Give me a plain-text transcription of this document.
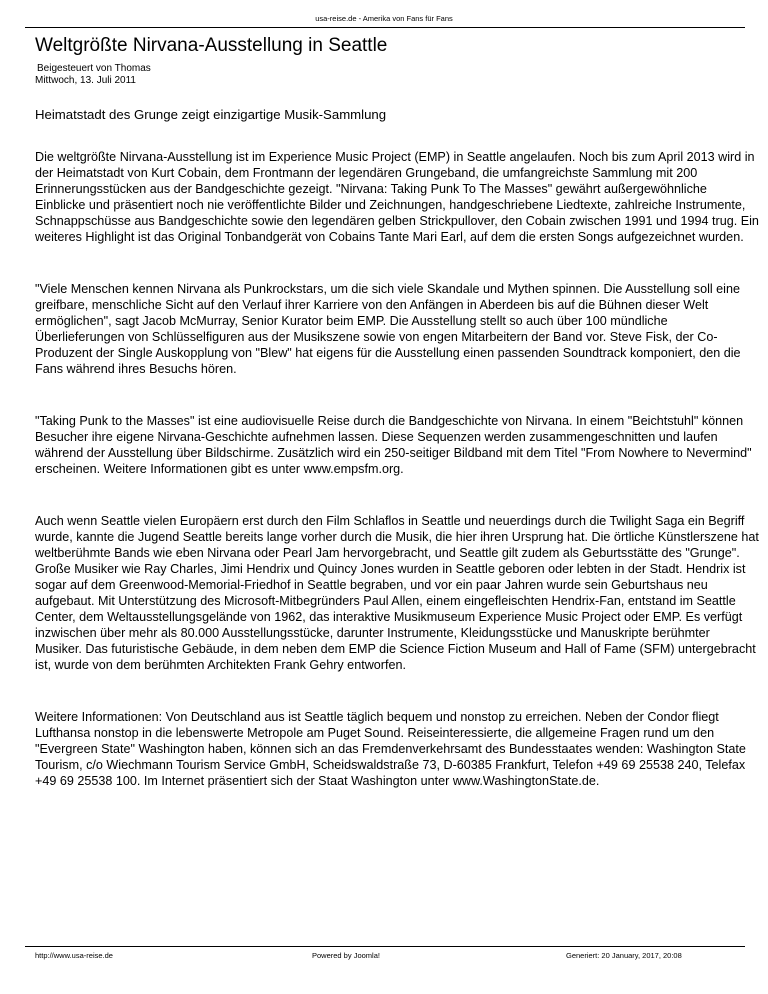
usa-reise.de - Amerika von Fans für Fans
Weltgrößte Nirvana-Ausstellung in Seattle
Beigesteuert von Thomas
Mittwoch, 13. Juli 2011
Heimatstadt des Grunge zeigt einzigartige Musik-Sammlung
Die weltgrößte Nirvana-Ausstellung ist im Experience Music Project (EMP) in Seattle angelaufen. Noch bis zum April 2013 wird in der Heimatstadt von Kurt Cobain, dem Frontmann der legendären Grungeband, die umfangreichste Sammlung mit 200 Erinnerungsstücken aus der Bandgeschichte gezeigt. "Nirvana: Taking Punk To The Masses" gewährt außergewöhnliche Einblicke und präsentiert noch nie veröffentlichte Bilder und Zeichnungen, handgeschriebene Liedtexte, zahlreiche Instrumente, Schnappschüsse aus Bandgeschichte sowie den legendären gelben Strickpullover, den Cobain zwischen 1991 und 1994 trug. Ein weiteres Highlight ist das Original Tonbandgerät von Cobains Tante Mari Earl, auf dem die ersten Songs aufgezeichnet wurden.
"Viele Menschen kennen Nirvana als Punkrockstars, um die sich viele Skandale und Mythen spinnen. Die Ausstellung soll eine greifbare, menschliche Sicht auf den Verlauf ihrer Karriere von den Anfängen in Aberdeen bis auf die Bühnen dieser Welt ermöglichen", sagt Jacob McMurray, Senior Kurator beim EMP. Die Ausstellung stellt so auch über 100 mündliche Überlieferungen von Schlüsselfiguren aus der Musikszene sowie von engen Mitarbeitern der Band vor. Steve Fisk, der Co-Produzent der Single Auskopplung von "Blew" hat eigens für die Ausstellung einen passenden Soundtrack komponiert, den die Fans während ihres Besuchs hören.
"Taking Punk to the Masses" ist eine audiovisuelle Reise durch die Bandgeschichte von Nirvana. In einem "Beichtstuhl" können Besucher ihre eigene Nirvana-Geschichte aufnehmen lassen. Diese Sequenzen werden zusammengeschnitten und laufen während der Ausstellung über Bildschirme. Zusätzlich wird ein 250-seitiger Bildband mit dem Titel "From Nowhere to Nevermind" erscheinen. Weitere Informationen gibt es unter www.empsfm.org.
Auch wenn Seattle vielen Europäern erst durch den Film Schlaflos in Seattle und neuerdings durch die Twilight Saga ein Begriff wurde, kannte die Jugend Seattle bereits lange vorher durch die Musik, die hier ihren Ursprung hat. Die örtliche Künstlerszene hat weltberühmte Bands wie eben Nirvana oder Pearl Jam hervorgebracht, und Seattle gilt zudem als Geburtsstätte des "Grunge". Große Musiker wie Ray Charles, Jimi Hendrix und Quincy Jones wurden in Seattle geboren oder lebten in der Stadt. Hendrix ist sogar auf dem Greenwood-Memorial-Friedhof in Seattle begraben, und vor ein paar Jahren wurde sein Geburtshaus neu aufgebaut. Mit Unterstützung des Microsoft-Mitbegründers Paul Allen, einem eingefleischten Hendrix-Fan, entstand im Seattle Center, dem Weltausstellungsgelände von 1962, das interaktive Musikmuseum Experience Music Project oder EMP. Es verfügt inzwischen über mehr als 80.000 Ausstellungsstücke, darunter Instrumente, Kleidungsstücke und Manuskripte berühmter Musiker. Das futuristische Gebäude, in dem neben dem EMP die Science Fiction Museum and Hall of Fame (SFM) untergebracht ist, wurde von dem berühmten Architekten Frank Gehry entworfen.
Weitere Informationen: Von Deutschland aus ist Seattle täglich bequem und nonstop zu erreichen. Neben der Condor fliegt Lufthansa nonstop in die lebenswerte Metropole am Puget Sound. Reiseinteressierte, die allgemeine Fragen rund um den "Evergreen State" Washington haben, können sich an das Fremdenverkehrsamt des Bundesstaates wenden: Washington State Tourism, c/o Wiechmann Tourism Service GmbH, Scheidswaldstraße 73, D-60385 Frankfurt, Telefon +49 69 25538 240, Telefax +49 69 25538 100. Im Internet präsentiert sich der Staat Washington unter www.WashingtonState.de.
http://www.usa-reise.de	Powered by Joomla!	Generiert: 20 January, 2017, 20:08
